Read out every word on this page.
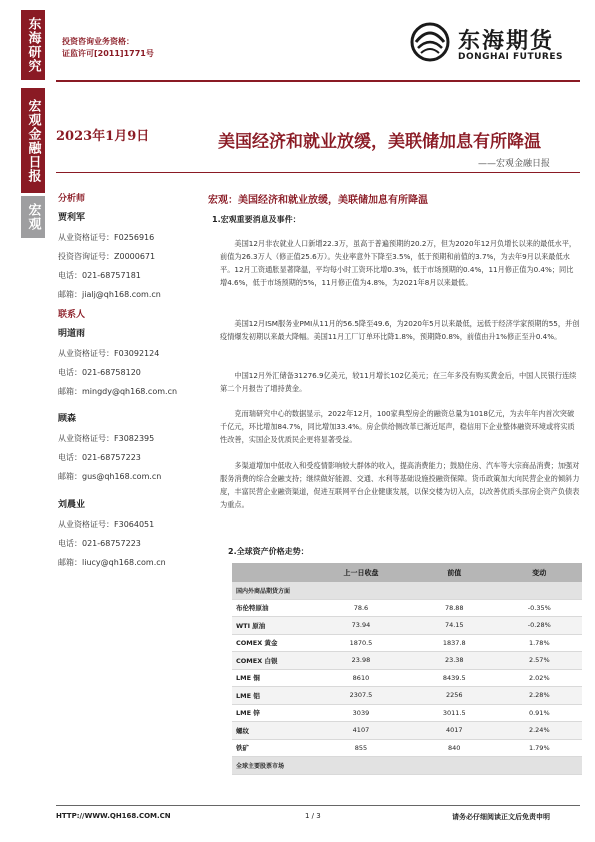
东海研究
宏观金融日报
宏观
投资咨询业务资格：
证监许可[2011]1771号	东海期货
DONGHAI FUTURES
2023年1月9日	美国经济和就业放缓，美联储加息有所降温
——宏观金融日报
分析师
贾利军
从业资格证号：F0256916
投资咨询证号：Z0000671
电话：021-68757181
邮箱：jialj@qh168.com.cn
联系人
明道雨
从业资格证号：F03092124
电话：021-68758120
邮箱：mingdy@qh168.com.cn
顾森
从业资格证号：F3082395
电话：021-68757223
邮箱：gus@qh168.com.cn
刘晨业
从业资格证号：F3064051
电话：021-68757223
邮箱：liucy@qh168.com.cn
宏观：美国经济和就业放缓，美联储加息有所降温
1.宏观重要消息及事件：
美国12月非农就业人口新增22.3万，虽高于普遍预期的20.2万，但为2020年12月负增长以来的最低水平，前值为26.3万人（修正值25.6万）。失业率意外下降至3.5%，低于预期和前值的3.7%，为去年9月以来最低水平。12月工资通胀显著降温，平均每小时工资环比增0.3%，低于市场预期的0.4%，11月修正值为0.4%；同比增4.6%，低于市场预期的5%，11月修正值为4.8%，为2021年8月以来最低。
美国12月ISM服务业PMI从11月的56.5降至49.6，为2020年5月以来最低，远低于经济学家预期的55，并创疫情爆发初期以来最大降幅。美国11月工厂订单环比降1.8%，预期降0.8%，前值由升1%修正至升0.4%。
中国12月外汇储备31276.9亿美元，较11月增长102亿美元；在三年多没有购买黄金后，中国人民银行连续第二个月报告了增持黄金。
克而瑞研究中心的数据显示，2022年12月，100家典型房企的融资总量为1018亿元，为去年年内首次突破千亿元，环比增加84.7%，同比增加33.4%。房企供给侧改革已渐近尾声，稳信用下企业整体融资环境或将实质性改善，实国企及优质民企更将显著受益。
多渠道增加中低收入和受疫情影响较大群体的收入，提高消费能力；鼓励住房、汽车等大宗商品消费；加强对服务消费的综合金融支持；继续做好能源、交通、水利等基础设施投融资保障。货币政策加大向民营企业的倾斜力度，丰富民营企业融资渠道，促进互联网平台企业健康发展，以保交楼为切入点，以改善优质头部房企资产负债表为重点。
2.全球资产价格走势：
	上一日收盘	前值	变动
国内外商品期货方面			
布伦特原油	78.6	78.88	-0.35%
WTI 原油	73.94	74.15	-0.28%
COMEX 黄金	1870.5	1837.8	1.78%
COMEX 白银	23.98	23.38	2.57%
LME 铜	8610	8439.5	2.02%
LME 铝	2307.5	2256	2.28%
LME 锌	3039	3011.5	0.91%
螺纹	4107	4017	2.24%
铁矿	855	840	1.79%
全球主要股票市场			
HTTP://WWW.QH168.COM.CN	1 / 3	请务必仔细阅读正文后免责申明
